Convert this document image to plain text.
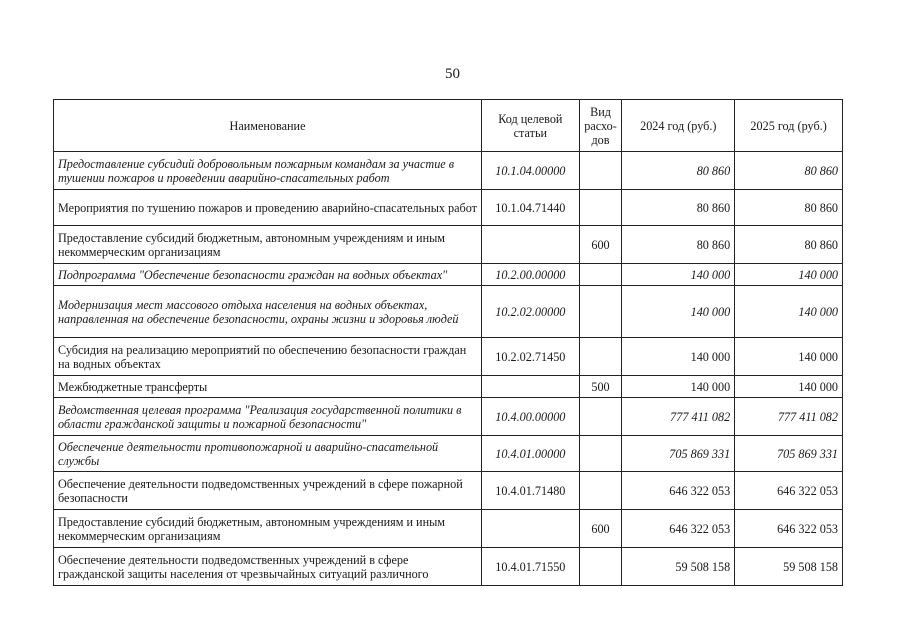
50
Наименование	Код целевой статьи	Вид расхо-дов	2024 год (руб.)	2025 год (руб.)
Предоставление субсидий добровольным пожарным командам за участие в тушении пожаров и проведении аварийно-спасательных работ	10.1.04.00000		80 860	80 860
Мероприятия по тушению пожаров и проведению аварийно-спасательных работ	10.1.04.71440		80 860	80 860
Предоставление субсидий бюджетным, автономным учреждениям и иным некоммерческим организациям		600	80 860	80 860
Подпрограмма "Обеспечение безопасности граждан на водных объектах"	10.2.00.00000		140 000	140 000
Модернизация мест массового отдыха населения на водных объектах, направленная на обеспечение безопасности, охраны жизни и здоровья людей	10.2.02.00000		140 000	140 000
Субсидия на реализацию мероприятий по обеспечению безопасности граждан на водных объектах	10.2.02.71450		140 000	140 000
Межбюджетные трансферты		500	140 000	140 000
Ведомственная целевая программа "Реализация государственной политики в области гражданской защиты и пожарной безопасности"	10.4.00.00000		777 411 082	777 411 082
Обеспечение деятельности противопожарной и аварийно-спасательной службы	10.4.01.00000		705 869 331	705 869 331
Обеспечение деятельности подведомственных учреждений в сфере пожарной безопасности	10.4.01.71480		646 322 053	646 322 053
Предоставление субсидий бюджетным, автономным учреждениям и иным некоммерческим организациям		600	646 322 053	646 322 053
Обеспечение деятельности подведомственных учреждений в сфере гражданской защиты населения от чрезвычайных ситуаций различного	10.4.01.71550		59 508 158	59 508 158
